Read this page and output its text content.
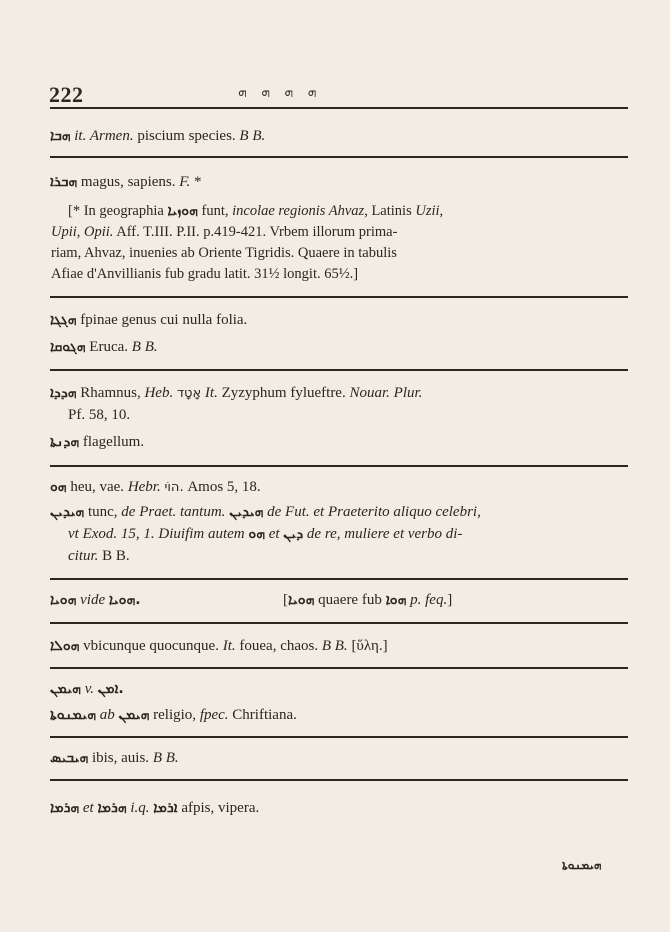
222	ܗ ܗ ܗ ܗ
ܗܒܐ it. Armen. piscium species. B B.
ܗܒܪܐ magus, sapiens. F. *
[* In geographia ܗܘܙܝܐ funt, incolae regionis Ahvaz, Latinis Uzii,
Upii, Opii. Aff. T.III. P.II. p.419-421. Vrbem illorum prima-
riam, Ahvaz, inuenies ab Oriente Tigridis. Quaere in tabulis
Afiae d'Anvillianis fub gradu latit. 31½ longit. 65½.]
ܗܓܓܐ fpinae genus cui nulla folia.
ܗܓܘܩܐ Eruca. B B.
ܗܕܕܐ Rhamnus, Heb. אָטָד It. Zyzyphum fylueftre. Nouar. Plur.
Pf. 58, 10.
ܗܕܢܬܐ flagellum.
ܗܘ heu, vae. Hebr. הוֹי. Amos 5, 18.
ܗܝܕܝܢ tunc, de Praet. tantum. ܗܝܕܝܢ de Fut. et Praeterito aliquo celebri,
vt Exod. 15, 1. Diuifim autem ܗܘ et ܕܝܢ de re, muliere et verbo di-
citur. B B.
ܗܘܝܐ vide ܗܘܝܐ.	[ܗܘܝܐ quaere fub ܗܘܐ p. feq.]
ܗܘܠܐ vbicunque quocunque. It. fouea, chaos. B B. [ὕλη.]
ܗܝܡܢ v. ܐܡܢ.
ܗܝܡܢܘܬܐ ab ܗܝܡܢ religio, fpec. Chriftiana.
ܗܝܒܝܣ ibis, auis. B B.
ܗܪܡܐ et ܗܪܡܐ i.q. ܐܪܡܐ afpis, vipera.
ܗܝܡܢܘܬܐ
